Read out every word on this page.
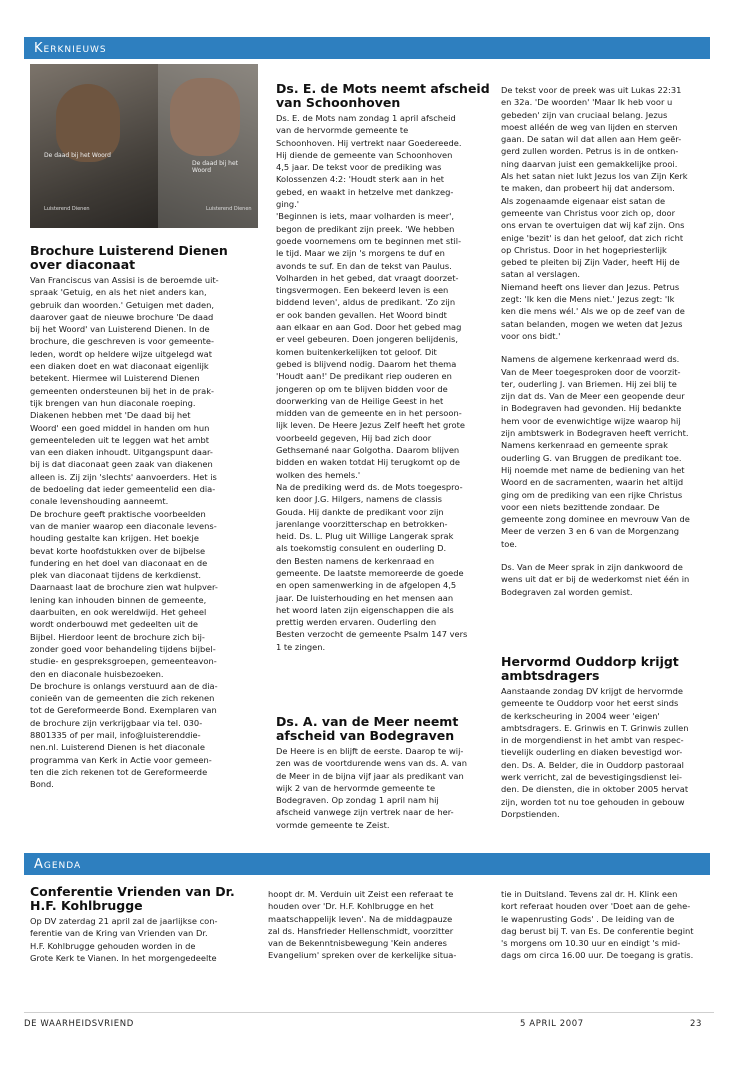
Kerknieuws
De daad bij het Woord
De daad bij het Woord
Luisterend Dienen	Luisterend Dienen
Brochure Luisterend Dienen over diaconaat

Van Franciscus van Assisi is de beroemde uit-
spraak 'Getuig, en als het niet anders kan,
gebruik dan woorden.' Getuigen met daden,
daarover gaat de nieuwe brochure 'De daad
bij het Woord' van Luisterend Dienen. In de
brochure, die geschreven is voor gemeente-
leden, wordt op heldere wijze uitgelegd wat
een diaken doet en wat diaconaat eigenlijk
betekent. Hiermee wil Luisterend Dienen
gemeenten ondersteunen bij het in de prak-
tijk brengen van hun diaconale roeping.
Diakenen hebben met 'De daad bij het
Woord' een goed middel in handen om hun
gemeenteleden uit te leggen wat het ambt
van een diaken inhoudt. Uitgangspunt daar-
bij is dat diaconaat geen zaak van diakenen
alleen is. Zij zijn 'slechts' aanvoerders. Het is
de bedoeling dat ieder gemeentelid een dia-
conale levenshouding aanneemt.
De brochure geeft praktische voorbeelden
van de manier waarop een diaconale levens-
houding gestalte kan krijgen. Het boekje
bevat korte hoofdstukken over de bijbelse
fundering en het doel van diaconaat en de
plek van diaconaat tijdens de kerkdienst.
Daarnaast laat de brochure zien wat hulpver-
lening kan inhouden binnen de gemeente,
daarbuiten, en ook wereldwijd. Het geheel
wordt onderbouwd met gedeelten uit de
Bijbel. Hierdoor leent de brochure zich bij-
zonder goed voor behandeling tijdens bijbel-
studie- en gespreksgroepen, gemeenteavon-
den en diaconale huisbezoeken.
De brochure is onlangs verstuurd aan de dia-
conieën van de gemeenten die zich rekenen
tot de Gereformeerde Bond. Exemplaren van
de brochure zijn verkrijgbaar via tel. 030-
8801335 of per mail, info@luisterenddie-
nen.nl. Luisterend Dienen is het diaconale
programma van Kerk in Actie voor gemeen-
ten die zich rekenen tot de Gereformeerde
Bond.

Ds. E. de Mots neemt afscheid van Schoonhoven

Ds. E. de Mots nam zondag 1 april afscheid
van de hervormde gemeente te
Schoonhoven. Hij vertrekt naar Goedereede.
Hij diende de gemeente van Schoonhoven
4,5 jaar. De tekst voor de prediking was
Kolossenzen 4:2: 'Houdt sterk aan in het
gebed, en waakt in hetzelve met dankzeg-
ging.'
'Beginnen is iets, maar volharden is meer',
begon de predikant zijn preek. 'We hebben
goede voornemens om te beginnen met stil-
le tijd. Maar we zijn 's morgens te duf en
avonds te suf. En dan de tekst van Paulus.
Volharden in het gebed, dat vraagt doorzet-
tingsvermogen. Een bekeerd leven is een
biddend leven', aldus de predikant. 'Zo zijn
er ook banden gevallen. Het Woord bindt
aan elkaar en aan God. Door het gebed mag
er veel gebeuren. Doen jongeren belijdenis,
komen buitenkerkelijken tot geloof. Dit
gebed is blijvend nodig. Daarom het thema
'Houdt aan!' De predikant riep ouderen en
jongeren op om te blijven bidden voor de
doorwerking van de Heilige Geest in het
midden van de gemeente en in het persoon-
lijk leven. De Heere Jezus Zelf heeft het grote
voorbeeld gegeven, Hij bad zich door
Gethsemané naar Golgotha. Daarom blijven
bidden en waken totdat Hij terugkomt op de
wolken des hemels.'
Na de prediking werd ds. de Mots toegespro-
ken door J.G. Hilgers, namens de classis
Gouda. Hij dankte de predikant voor zijn
jarenlange voorzitterschap en betrokken-
heid. Ds. L. Plug uit Willige Langerak sprak
als toekomstig consulent en ouderling D.
den Besten namens de kerkenraad en
gemeente. De laatste memoreerde de goede
en open samenwerking in de afgelopen 4,5
jaar. De luisterhouding en het mensen aan
het woord laten zijn eigenschappen die als
prettig werden ervaren. Ouderling den
Besten verzocht de gemeente Psalm 147 vers
1 te zingen.

Ds. A. van de Meer neemt afscheid van Bodegraven

De Heere is en blijft de eerste. Daarop te wij-
zen was de voortdurende wens van ds. A. van
de Meer in de bijna vijf jaar als predikant van
wijk 2 van de hervormde gemeente te
Bodegraven. Op zondag 1 april nam hij
afscheid vanwege zijn vertrek naar de her-
vormde gemeente te Zeist.

De tekst voor de preek was uit Lukas 22:31
en 32a. 'De woorden' 'Maar Ik heb voor u
gebeden' zijn van cruciaal belang. Jezus
moest alléén de weg van lijden en sterven
gaan. De satan wil dat allen aan Hem geër-
gerd zullen worden. Petrus is in de ontken-
ning daarvan juist een gemakkelijke prooi.
Als het satan niet lukt Jezus los van Zijn Kerk
te maken, dan probeert hij dat andersom.
Als zogenaamde eigenaar eist satan de
gemeente van Christus voor zich op, door
ons ervan te overtuigen dat wij kaf zijn. Ons
enige 'bezit' is dan het geloof, dat zich richt
op Christus. Door in het hogepriesterlijk
gebed te pleiten bij Zijn Vader, heeft Hij de
satan al verslagen.
Niemand heeft ons liever dan Jezus. Petrus
zegt: 'Ik ken die Mens niet.' Jezus zegt: 'Ik
ken die mens wél.' Als we op de zeef van de
satan belanden, mogen we weten dat Jezus
voor ons bidt.'

Namens de algemene kerkenraad werd ds.
Van de Meer toegesproken door de voorzit-
ter, ouderling J. van Briemen. Hij zei blij te
zijn dat ds. Van de Meer een geopende deur
in Bodegraven had gevonden. Hij bedankte
hem voor de evenwichtige wijze waarop hij
zijn ambtswerk in Bodegraven heeft verricht.
Namens kerkenraad en gemeente sprak
ouderling G. van Bruggen de predikant toe.
Hij noemde met name de bediening van het
Woord en de sacramenten, waarin het altijd
ging om de prediking van een rijke Christus
voor een niets bezittende zondaar. De
gemeente zong dominee en mevrouw Van de
Meer de verzen 3 en 6 van de Morgenzang
toe.

Ds. Van de Meer sprak in zijn dankwoord de
wens uit dat er bij de wederkomst niet één in
Bodegraven zal worden gemist.

Hervormd Ouddorp krijgt ambtsdragers

Aanstaande zondag DV krijgt de hervormde
gemeente te Ouddorp voor het eerst sinds
de kerkscheuring in 2004 weer 'eigen'
ambtsdragers. E. Grinwis en T. Grinwis zullen
in de morgendienst in het ambt van respec-
tievelijk ouderling en diaken bevestigd wor-
den. Ds. A. Belder, die in Ouddorp pastoraal
werk verricht, zal de bevestigingsdienst lei-
den. De diensten, die in oktober 2005 hervat
zijn, worden tot nu toe gehouden in gebouw
Dorpstienden.

Agenda
Conferentie Vrienden van Dr. H.F. Kohlbrugge

Op DV zaterdag 21 april zal de jaarlijkse con-
ferentie van de Kring van Vrienden van Dr.
H.F. Kohlbrugge gehouden worden in de
Grote Kerk te Vianen. In het morgengedeelte

hoopt dr. M. Verduin uit Zeist een referaat te
houden over 'Dr. H.F. Kohlbrugge en het
maatschappelijk leven'. Na de middagpauze
zal ds. Hansfrieder Hellenschmidt, voorzitter
van de Bekenntnisbewegung 'Kein anderes
Evangelium' spreken over de kerkelijke situa-

tie in Duitsland. Tevens zal dr. H. Klink een
kort referaat houden over 'Doet aan de gehe-
le wapenrusting Gods' . De leiding van de
dag berust bij T. van Es. De conferentie begint
's morgens om 10.30 uur en eindigt 's mid-
dags om circa 16.00 uur. De toegang is gratis.

DE WAARHEIDSVRIEND	5 APRIL 2007	23
